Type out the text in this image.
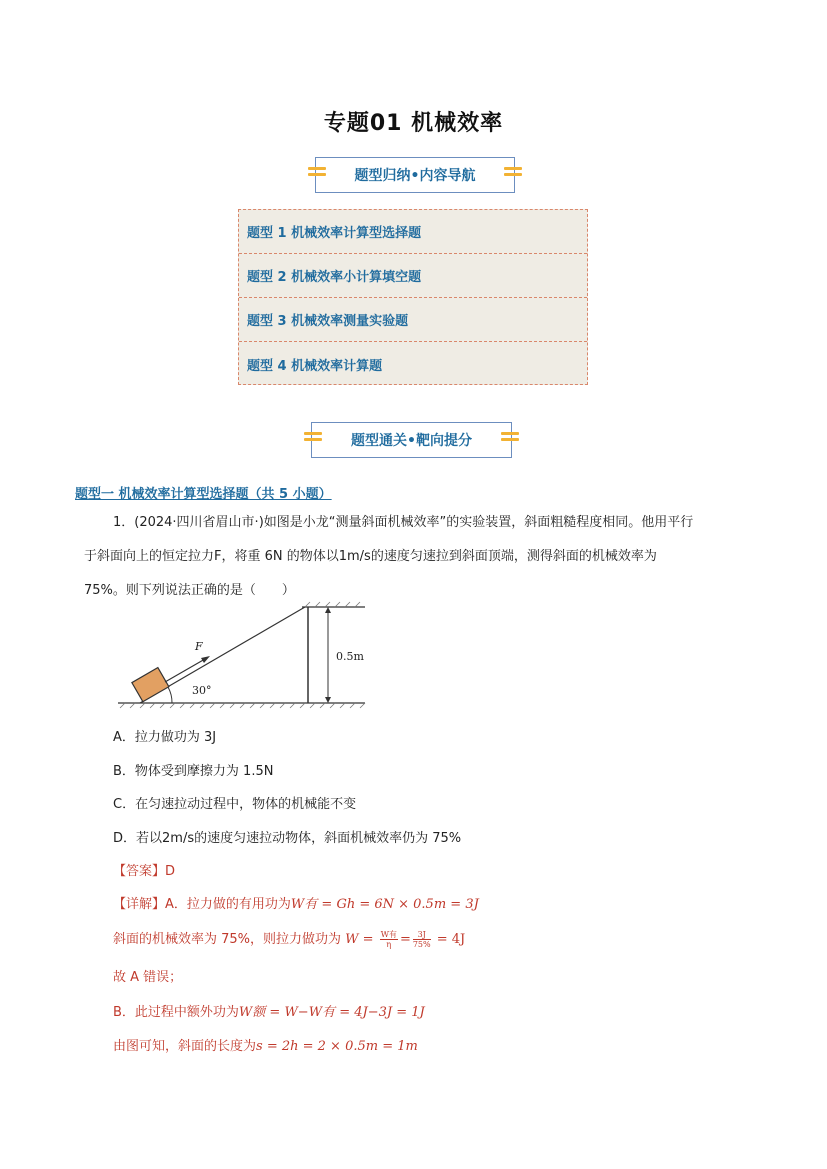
专题01 机械效率
题型归纳•内容导航
题型 1 机械效率计算型选择题
题型 2 机械效率小计算填空题
题型 3 机械效率测量实验题
题型 4 机械效率计算题
题型通关•靶向提分
题型一 机械效率计算型选择题（共 5 小题）
1．(2024·四川省眉山市·)如图是小龙“测量斜面机械效率”的实验装置，斜面粗糙程度相同。他用平行
于斜面向上的恒定拉力F，将重 6N 的物体以1m/s的速度匀速拉到斜面顶端，测得斜面的机械效率为
75%。则下列说法正确的是（　　）
0.5m
F
30°
A．拉力做功为 3J
B．物体受到摩擦力为 1.5N
C．在匀速拉动过程中，物体的机械能不变
D．若以2m/s的速度匀速拉动物体，斜面机械效率仍为 75%
【答案】D
【详解】A．拉力做的有用功为W有 = Gh = 6N × 0.5m = 3J
斜面的机械效率为 75%，则拉力做功为 $W = \frac{\text{W有}}{\eta} = \frac{3J}{75\%} = 4J$
故 A 错误；
B．此过程中额外功为W额 = W−W有 = 4J−3J = 1J
由图可知，斜面的长度为s = 2h = 2 × 0.5m = 1m
